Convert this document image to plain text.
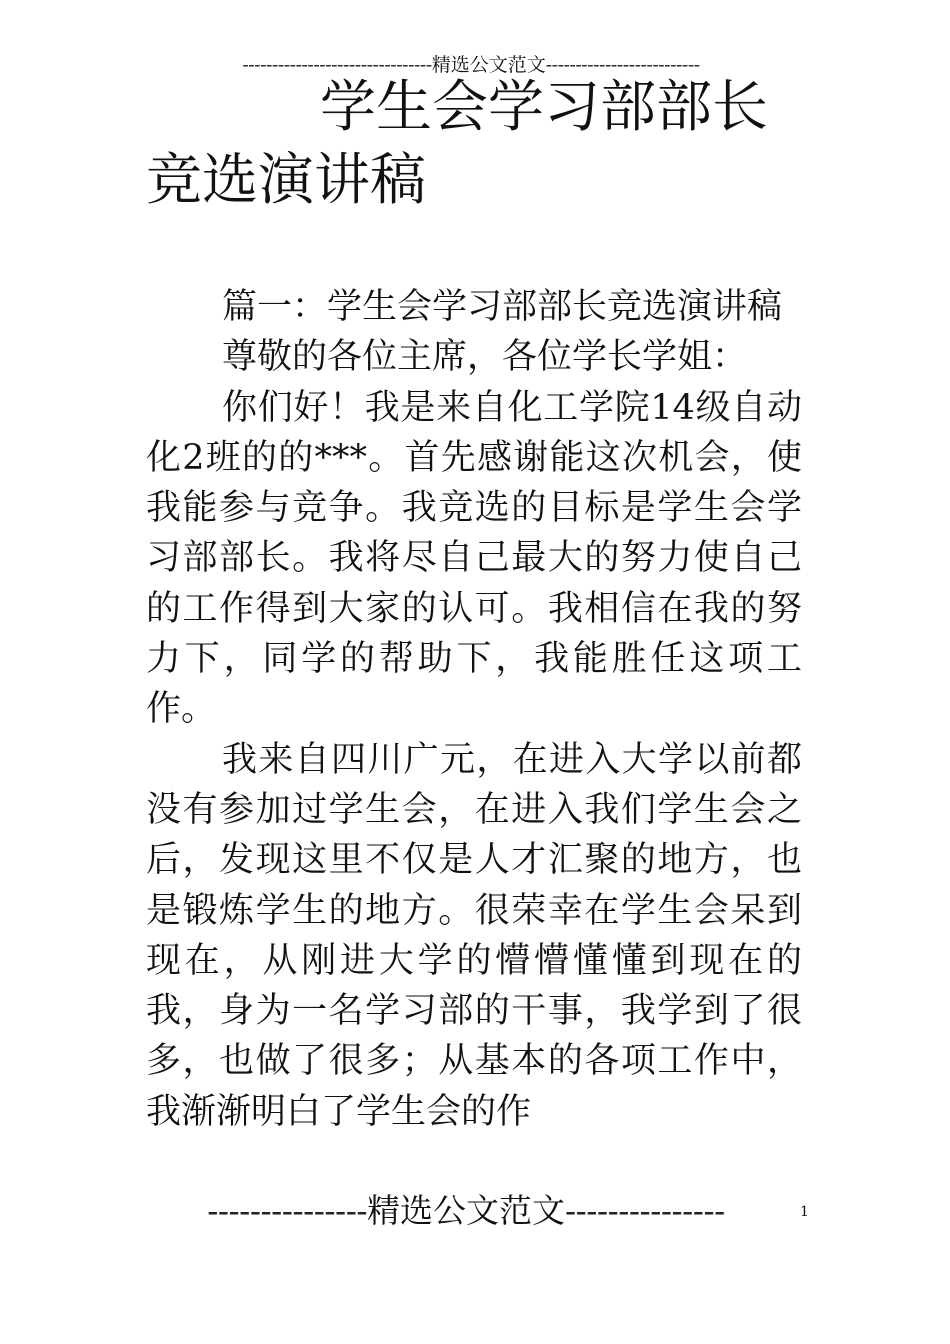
--------------------------------精选公文范文--------------------------
学生会学习部部长
竞选演讲稿

篇一：学生会学习部部长竞选演讲稿

尊敬的各位主席，各位学长学姐：

你们好！我是来自化工学院14级自动化2班的的***。首先感谢能这次机会，使我能参与竞争。我竞选的目标是学生会学习部部长。我将尽自己最大的努力使自己的工作得到大家的认可。我相信在我的努力下，同学的帮助下，我能胜任这项工作。

我来自四川广元，在进入大学以前都没有参加过学生会，在进入我们学生会之后，发现这里不仅是人才汇聚的地方，也是锻炼学生的地方。很荣幸在学生会呆到现在，从刚进大学的懵懵懂懂到现在的我，身为一名学习部的干事，我学到了很多，也做了很多；从基本的各项工作中，我渐渐明白了学生会的作

---------------精选公文范文---------------	1
